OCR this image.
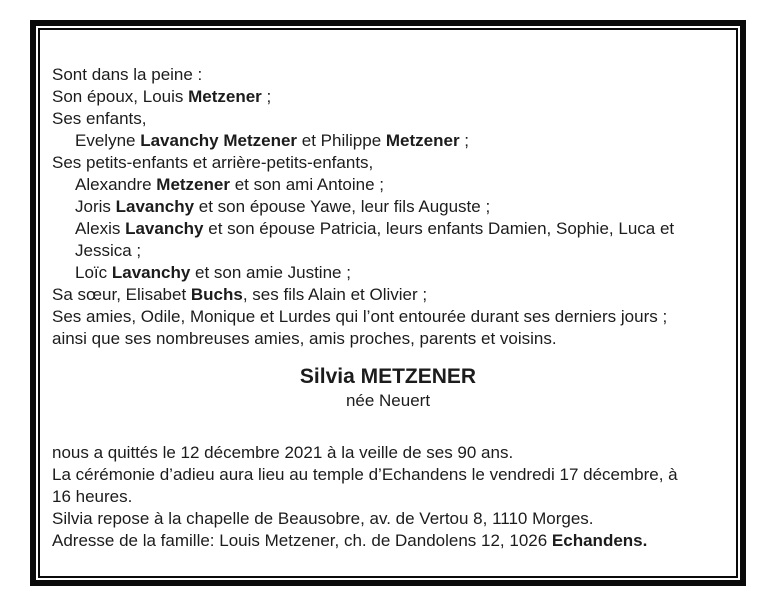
Sont dans la peine :
Son époux, Louis Metzener ;
Ses enfants,
Evelyne Lavanchy Metzener et Philippe Metzener ;
Ses petits-enfants et arrière-petits-enfants,
Alexandre Metzener et son ami Antoine ;
Joris Lavanchy et son épouse Yawe, leur fils Auguste ;
Alexis Lavanchy et son épouse Patricia, leurs enfants Damien, Sophie, Luca et
Jessica ;
Loïc Lavanchy et son amie Justine ;
Sa sœur, Elisabet Buchs, ses fils Alain et Olivier ;
Ses amies, Odile, Monique et Lurdes qui l’ont entourée durant ses derniers jours ;
ainsi que ses nombreuses amies, amis proches, parents et voisins.
Silvia METZENER
née Neuert
nous a quittés le 12 décembre 2021 à la veille de ses 90 ans.
La cérémonie d’adieu aura lieu au temple d’Echandens le vendredi 17 décembre, à
16 heures.
Silvia repose à la chapelle de Beausobre, av. de Vertou 8, 1110 Morges.
Adresse de la famille: Louis Metzener, ch. de Dandolens 12, 1026 Echandens.
